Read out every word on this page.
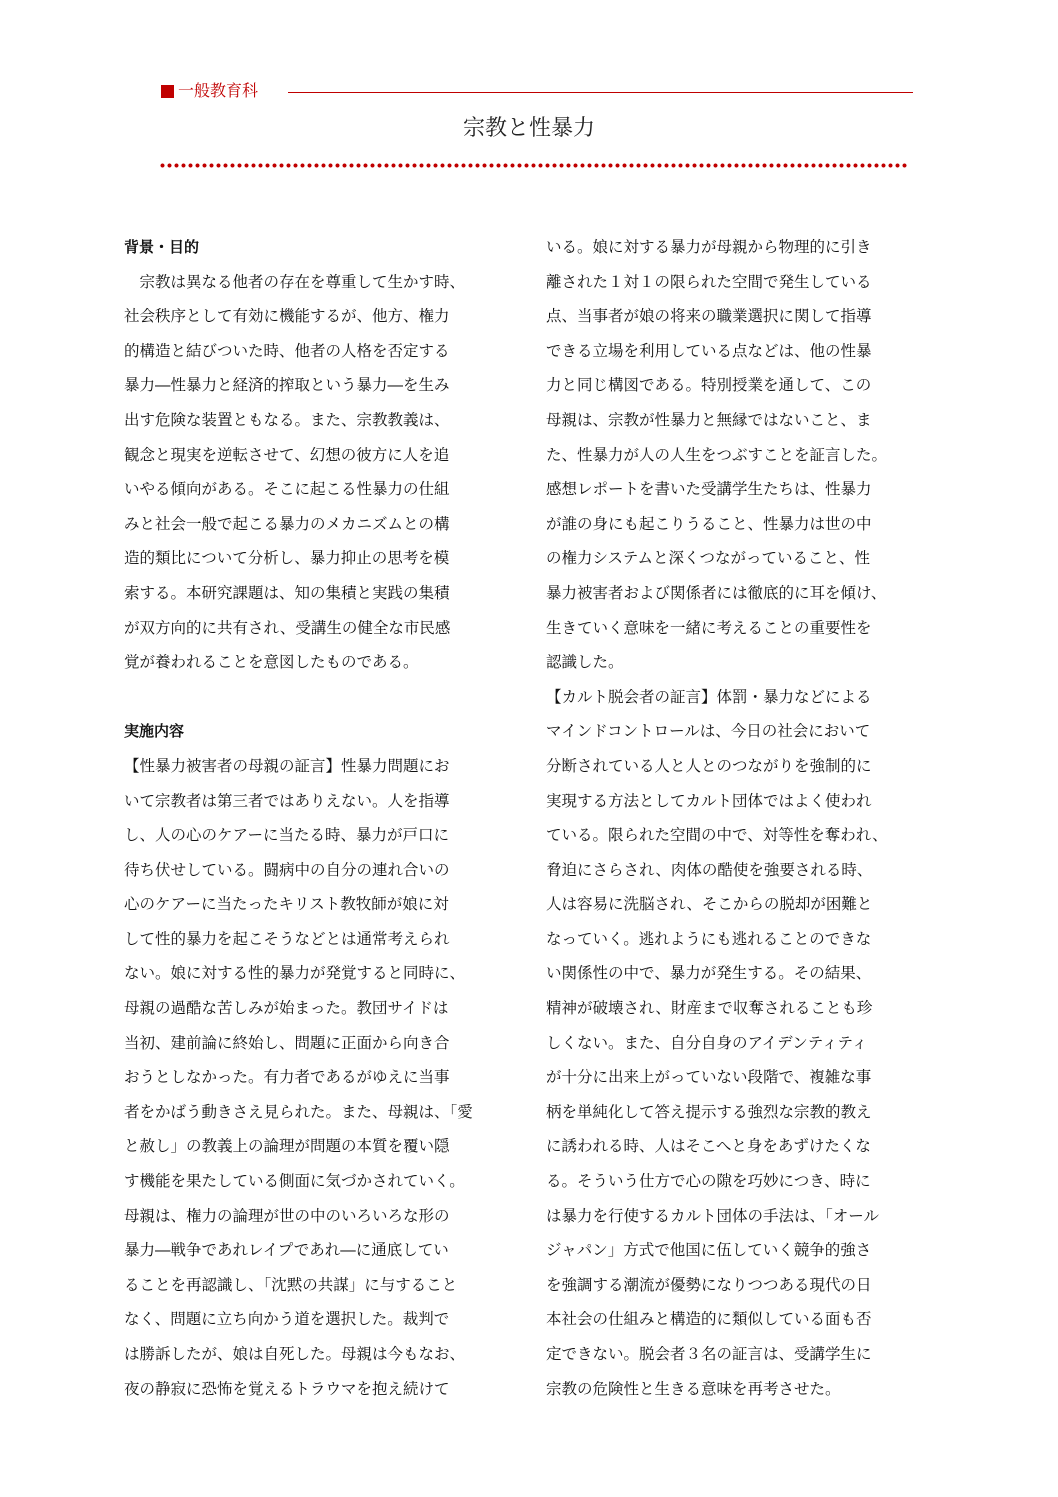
一般教育科
宗教と性暴力
背景・目的
　宗教は異なる他者の存在を尊重して生かす時、
社会秩序として有効に機能するが、他方、権力
的構造と結びついた時、他者の人格を否定する
暴力―性暴力と経済的搾取という暴力―を生み
出す危険な装置ともなる。また、宗教教義は、
観念と現実を逆転させて、幻想の彼方に人を追
いやる傾向がある。そこに起こる性暴力の仕組
みと社会一般で起こる暴力のメカニズムとの構
造的類比について分析し、暴力抑止の思考を模
索する。本研究課題は、知の集積と実践の集積
が双方向的に共有され、受講生の健全な市民感
覚が養われることを意図したものである。
実施内容
【性暴力被害者の母親の証言】性暴力問題にお
いて宗教者は第三者ではありえない。人を指導
し、人の心のケアーに当たる時、暴力が戸口に
待ち伏せしている。闘病中の自分の連れ合いの
心のケアーに当たったキリスト教牧師が娘に対
して性的暴力を起こそうなどとは通常考えられ
ない。娘に対する性的暴力が発覚すると同時に、
母親の過酷な苦しみが始まった。教団サイドは
当初、建前論に終始し、問題に正面から向き合
おうとしなかった。有力者であるがゆえに当事
者をかばう動きさえ見られた。また、母親は、「愛
と赦し」の教義上の論理が問題の本質を覆い隠
す機能を果たしている側面に気づかされていく。
母親は、権力の論理が世の中のいろいろな形の
暴力―戦争であれレイプであれ―に通底してい
ることを再認識し、「沈黙の共謀」に与すること
なく、問題に立ち向かう道を選択した。裁判で
は勝訴したが、娘は自死した。母親は今もなお、
夜の静寂に恐怖を覚えるトラウマを抱え続けて
いる。娘に対する暴力が母親から物理的に引き
離された１対１の限られた空間で発生している
点、当事者が娘の将来の職業選択に関して指導
できる立場を利用している点などは、他の性暴
力と同じ構図である。特別授業を通して、この
母親は、宗教が性暴力と無縁ではないこと、ま
た、性暴力が人の人生をつぶすことを証言した。
感想レポートを書いた受講学生たちは、性暴力
が誰の身にも起こりうること、性暴力は世の中
の権力システムと深くつながっていること、性
暴力被害者および関係者には徹底的に耳を傾け、
生きていく意味を一緒に考えることの重要性を
認識した。
【カルト脱会者の証言】体罰・暴力などによる
マインドコントロールは、今日の社会において
分断されている人と人とのつながりを強制的に
実現する方法としてカルト団体ではよく使われ
ている。限られた空間の中で、対等性を奪われ、
脅迫にさらされ、肉体の酷使を強要される時、
人は容易に洗脳され、そこからの脱却が困難と
なっていく。逃れようにも逃れることのできな
い関係性の中で、暴力が発生する。その結果、
精神が破壊され、財産まで収奪されることも珍
しくない。また、自分自身のアイデンティティ
が十分に出来上がっていない段階で、複雑な事
柄を単純化して答え提示する強烈な宗教的教え
に誘われる時、人はそこへと身をあずけたくな
る。そういう仕方で心の隙を巧妙につき、時に
は暴力を行使するカルト団体の手法は、「オール
ジャパン」方式で他国に伍していく競争的強さ
を強調する潮流が優勢になりつつある現代の日
本社会の仕組みと構造的に類似している面も否
定できない。脱会者３名の証言は、受講学生に
宗教の危険性と生きる意味を再考させた。
